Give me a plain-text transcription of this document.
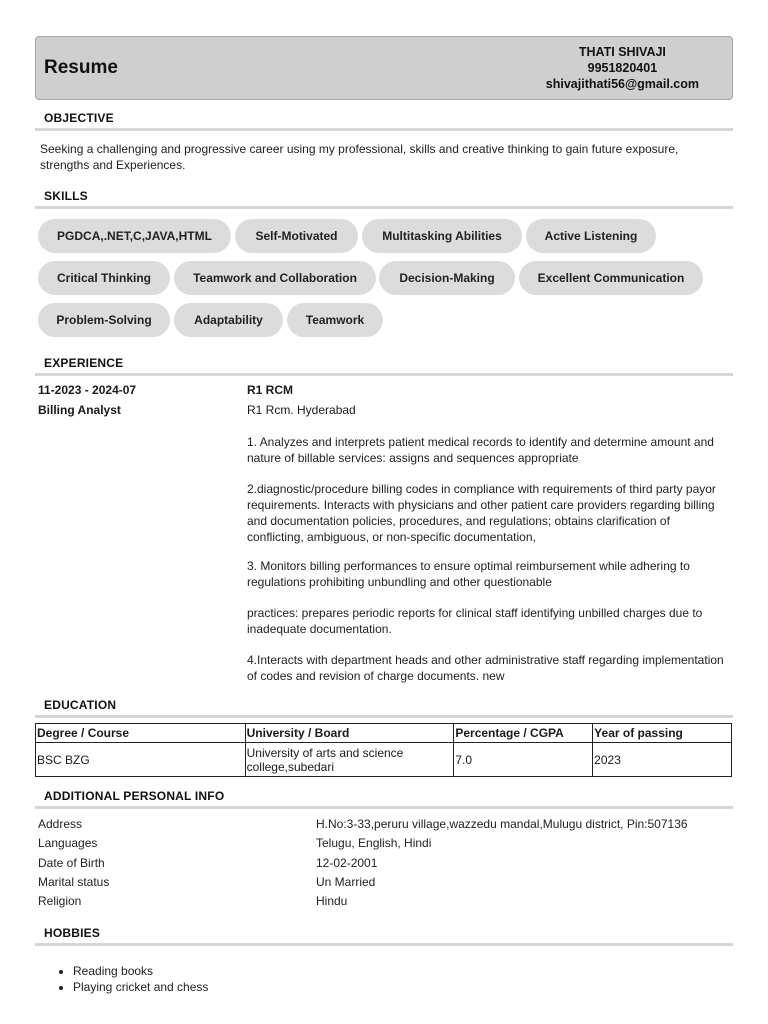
Resume
THATI SHIVAJI
9951820401
shivajithati56@gmail.com
OBJECTIVE
Seeking a challenging and progressive career using my professional, skills and creative thinking to gain future exposure, strengths and Experiences.
SKILLS
PGDCA,.NET,C,JAVA,HTML	Self-Motivated	Multitasking Abilities	Active Listening
Critical Thinking	Teamwork and Collaboration	Decision-Making	Excellent Communication
Problem-Solving	Adaptability	Teamwork
EXPERIENCE
11-2023 - 2024-07
Billing Analyst
R1 RCM
R1 Rcm. Hyderabad
1. Analyzes and interprets patient medical records to identify and determine amount and nature of billable services: assigns and sequences appropriate
2.diagnostic/procedure billing codes in compliance with requirements of third party payor requirements. Interacts with physicians and other patient care providers regarding billing and documentation policies, procedures, and regulations; obtains clarification of conflicting, ambiguous, or non-specific documentation,
3. Monitors billing performances to ensure optimal reimbursement while adhering to regulations prohibiting unbundling and other questionable
practices: prepares periodic reports for clinical staff identifying unbilled charges due to inadequate documentation.
4.Interacts with department heads and other administrative staff regarding implementation of codes and revision of charge documents. new
EDUCATION
Degree / Course	University / Board	Percentage / CGPA	Year of passing
BSC BZG	University of arts and science college,subedari	7.0	2023
ADDITIONAL PERSONAL INFO
Address	H.No:3-33,peruru village,wazzedu mandal,Mulugu district, Pin:507136
Languages	Telugu, English, Hindi
Date of Birth	12-02-2001
Marital status	Un Married
Religion	Hindu
HOBBIES
• Reading books
• Playing cricket and chess
